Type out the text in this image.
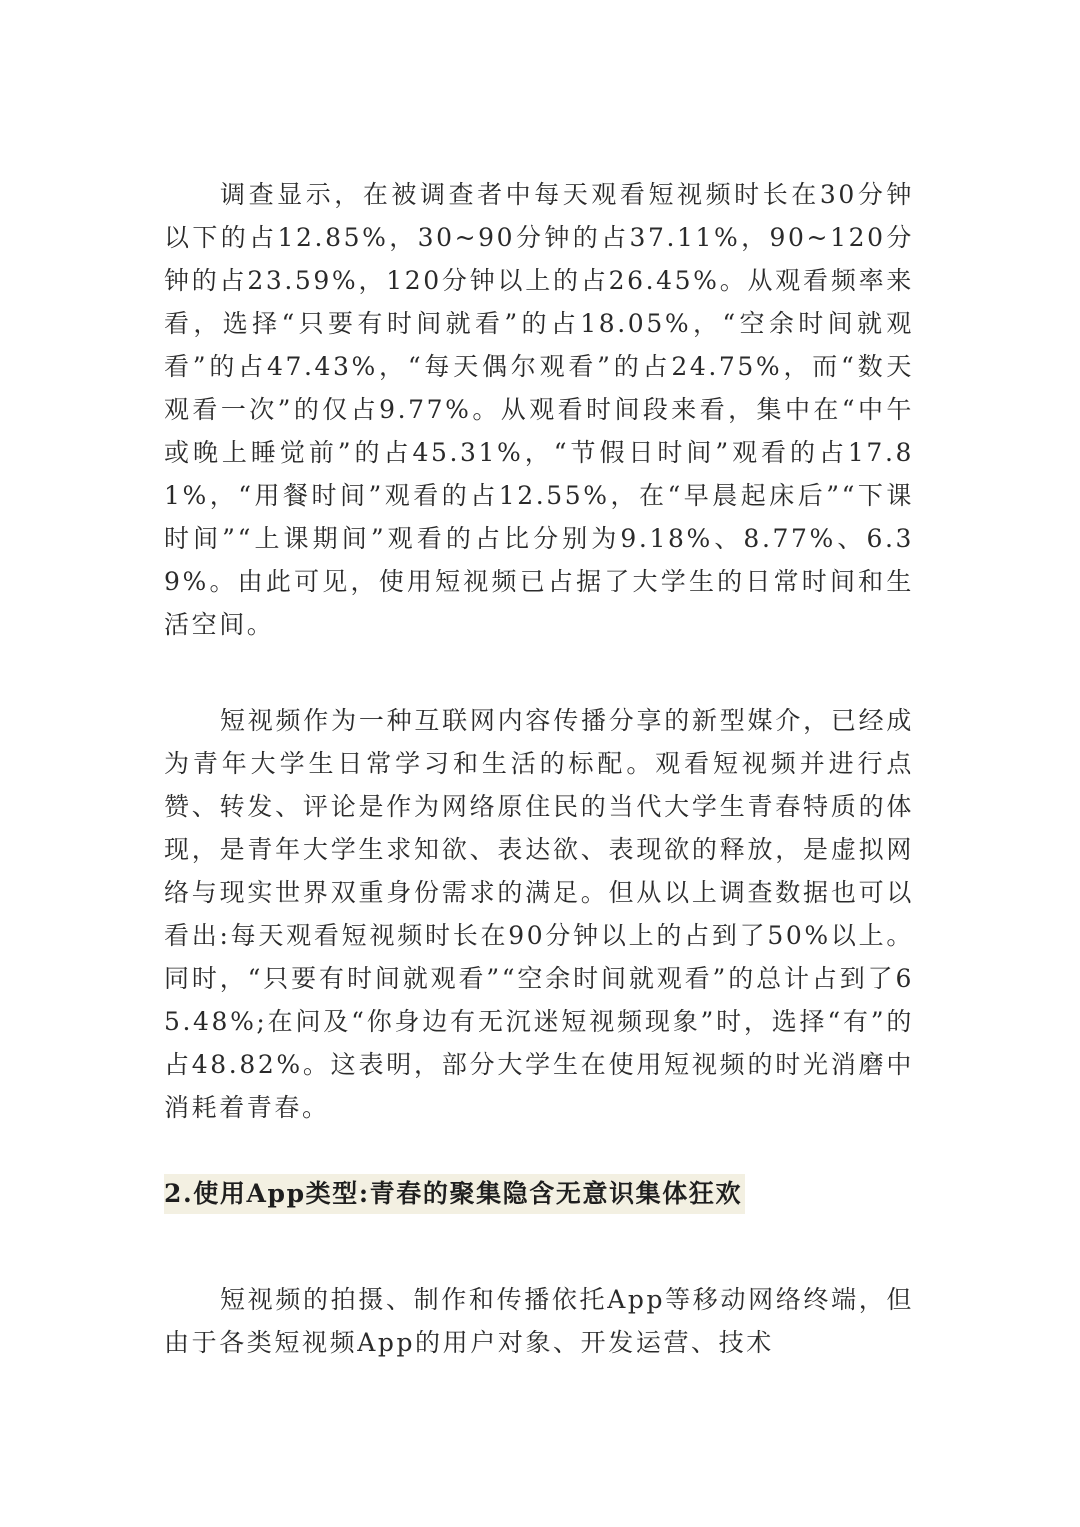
调查显示，在被调查者中每天观看短视频时长在30分钟以下的占12.85%，30~90分钟的占37.11%，90~120分钟的占23.59%，120分钟以上的占26.45%。从观看频率来看，选择“只要有时间就看”的占18.05%，“空余时间就观看”的占47.43%，“每天偶尔观看”的占24.75%，而“数天观看一次”的仅占9.77%。从观看时间段来看，集中在“中午或晚上睡觉前”的占45.31%，“节假日时间”观看的占17.81%，“用餐时间”观看的占12.55%，在“早晨起床后”“下课时间”“上课期间”观看的占比分别为9.18%、8.77%、6.39%。由此可见，使用短视频已占据了大学生的日常时间和生活空间。

短视频作为一种互联网内容传播分享的新型媒介，已经成为青年大学生日常学习和生活的标配。观看短视频并进行点赞、转发、评论是作为网络原住民的当代大学生青春特质的体现，是青年大学生求知欲、表达欲、表现欲的释放，是虚拟网络与现实世界双重身份需求的满足。但从以上调查数据也可以看出:每天观看短视频时长在90分钟以上的占到了50%以上。同时，“只要有时间就观看”“空余时间就观看”的总计占到了65.48%;在问及“你身边有无沉迷短视频现象”时，选择“有”的占48.82%。这表明，部分大学生在使用短视频的时光消磨中消耗着青春。

2.使用App类型:青春的聚集隐含无意识集体狂欢

短视频的拍摄、制作和传播依托App等移动网络终端，但由于各类短视频App的用户对象、开发运营、技术
